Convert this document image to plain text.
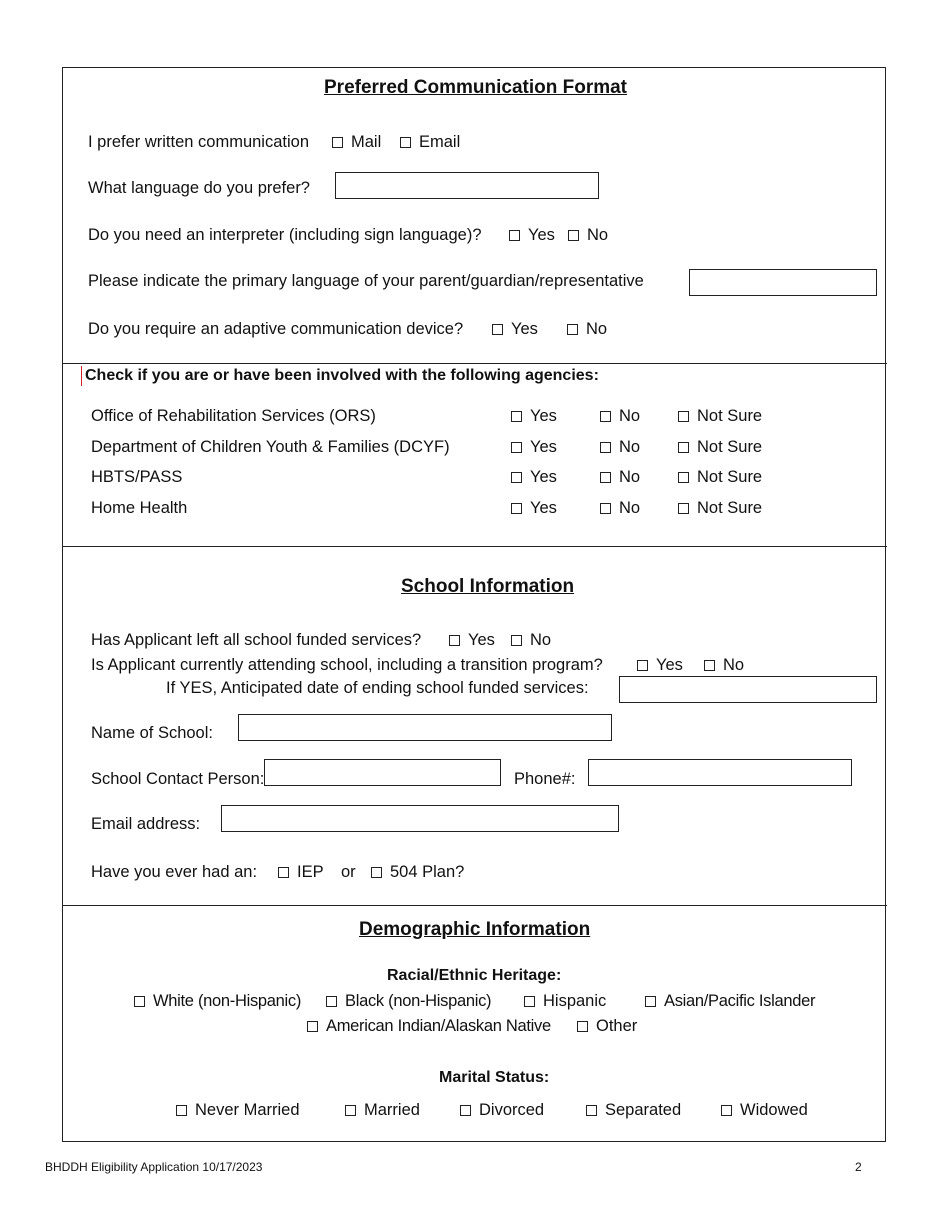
Preferred Communication Format
I prefer written communication	Mail	Email
What language do you prefer?
Do you need an interpreter (including sign language)?	Yes	No
Please indicate the primary language of your parent/guardian/representative
Do you require an adaptive communication device?	Yes	No
Check if you are or have been involved with the following agencies:
Office of Rehabilitation Services (ORS)	Yes	No	Not Sure
Department of Children Youth & Families (DCYF)	Yes	No	Not Sure
HBTS/PASS	Yes	No	Not Sure
Home Health	Yes	No	Not Sure
School Information
Has Applicant left all school funded services?	Yes	No
Is Applicant currently attending school, including a transition program?	Yes	No
If YES, Anticipated date of ending school funded services:
Name of School:
School Contact Person:	Phone#:
Email address:
Have you ever had an:	IEP or	504 Plan?
Demographic Information
Racial/Ethnic Heritage:
White (non-Hispanic)	Black (non-Hispanic)	Hispanic	Asian/Pacific Islander
American Indian/Alaskan Native	Other
Marital Status:
Never Married	Married	Divorced	Separated	Widowed
BHDDH Eligibility Application 10/17/2023	2
